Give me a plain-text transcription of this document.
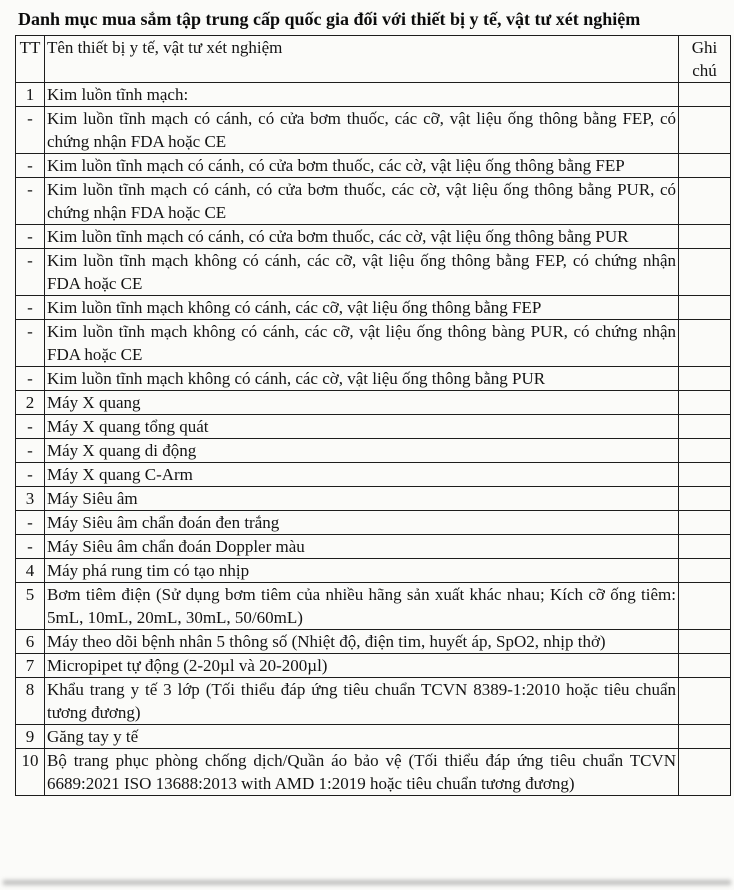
Danh mục mua sắm tập trung cấp quốc gia đối với thiết bị y tế, vật tư xét nghiệm
TT	Tên thiết bị y tế, vật tư xét nghiệm	Ghi chú
1	Kim luồn tĩnh mạch:	
-	Kim luồn tĩnh mạch có cánh, có cửa bơm thuốc, các cỡ, vật liệu ống thông bằng FEP, có chứng nhận FDA hoặc CE	
-	Kim luồn tĩnh mạch có cánh, có cửa bơm thuốc, các cờ, vật liệu ống thông bằng FEP	
-	Kim luồn tĩnh mạch có cánh, có cửa bơm thuốc, các cờ, vật liệu ống thông bằng PUR, có chứng nhận FDA hoặc CE	
-	Kim luồn tĩnh mạch có cánh, có cửa bơm thuốc, các cờ, vật liệu ống thông bằng PUR	
-	Kim luồn tĩnh mạch không có cánh, các cỡ, vật liệu ống thông bằng FEP, có chứng nhận FDA hoặc CE	
-	Kim luồn tĩnh mạch không có cánh, các cỡ, vật liệu ống thông bằng FEP	
-	Kim luồn tĩnh mạch không có cánh, các cỡ, vật liệu ống thông bàng PUR, có chứng nhận FDA hoặc CE	
-	Kim luồn tĩnh mạch không có cánh, các cờ, vật liệu ống thông bằng PUR	
2	Máy X quang	
-	Máy X quang tổng quát	
-	Máy X quang di động	
-	Máy X quang C-Arm	
3	Máy Siêu âm	
-	Máy Siêu âm chẩn đoán đen trắng	
-	Máy Siêu âm chẩn đoán Doppler màu	
4	Máy phá rung tim có tạo nhịp	
5	Bơm tiêm điện (Sử dụng bơm tiêm của nhiều hãng sản xuất khác nhau; Kích cỡ ống tiêm: 5mL, 10mL, 20mL, 30mL, 50/60mL)	
6	Máy theo dõi bệnh nhân 5 thông số (Nhiệt độ, điện tim, huyết áp, SpO2, nhịp thở)	
7	Micropipet tự động (2-20µl và 20-200µl)	
8	Khẩu trang y tế 3 lớp (Tối thiểu đáp ứng tiêu chuẩn TCVN 8389-1:2010 hoặc tiêu chuẩn tương đương)	
9	Găng tay y tế	
10	Bộ trang phục phòng chống dịch/Quần áo bảo vệ (Tối thiểu đáp ứng tiêu chuẩn TCVN 6689:2021 ISO 13688:2013 with AMD 1:2019 hoặc tiêu chuẩn tương đương)	
